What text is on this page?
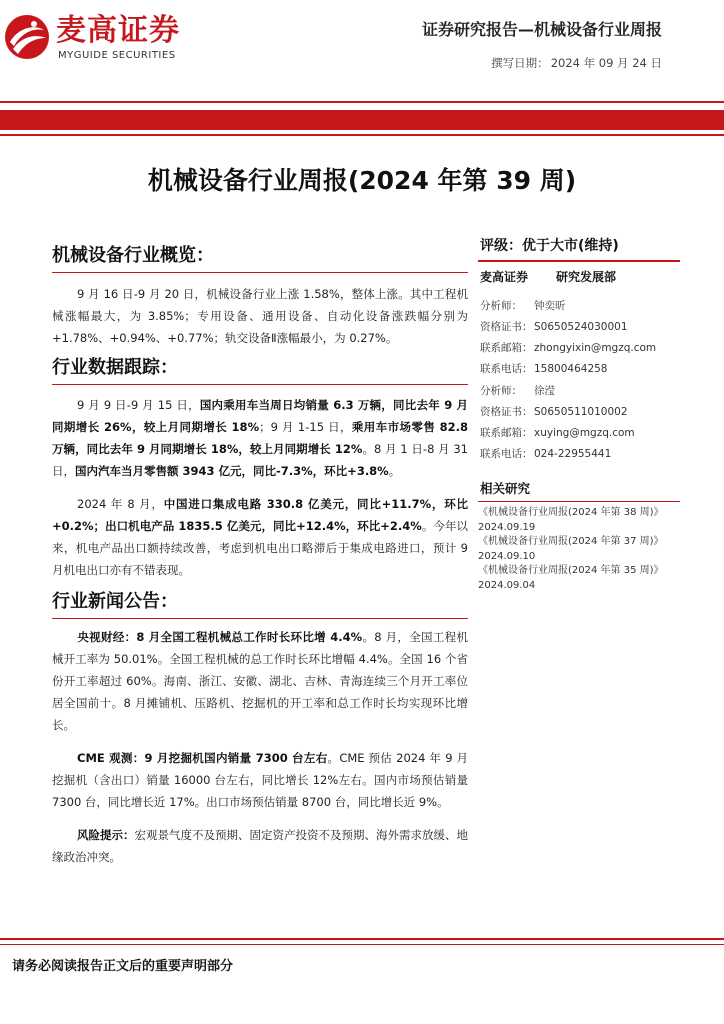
麦高证券
MYGUIDE SECURITIES
证券研究报告—机械设备行业周报
撰写日期： 2024 年 09 月 24 日
机械设备行业周报(2024 年第 39 周)
机械设备行业概览：
9 月 16 日-9 月 20 日，机械设备行业上涨 1.58%，整体上涨。其中工程机械涨幅最大，为 3.85%；专用设备、通用设备、自动化设备涨跌幅分别为+1.78%、+0.94%、+0.77%；轨交设备Ⅱ涨幅最小，为 0.27%。
行业数据跟踪：
9 月 9 日-9 月 15 日，国内乘用车当周日均销量 6.3 万辆，同比去年 9 月同期增长 26%，较上月同期增长 18%；9 月 1-15 日，乘用车市场零售 82.8 万辆，同比去年 9 月同期增长 18%，较上月同期增长 12%。8 月 1 日-8 月 31 日，国内汽车当月零售额 3943 亿元，同比-7.3%，环比+3.8%。
2024 年 8 月，中国进口集成电路 330.8 亿美元，同比+11.7%，环比+0.2%；出口机电产品 1835.5 亿美元，同比+12.4%，环比+2.4%。今年以来，机电产品出口额持续改善，考虑到机电出口略滞后于集成电路进口，预计 9 月机电出口亦有不错表现。
行业新闻公告：
央视财经：8 月全国工程机械总工作时长环比增 4.4%。8 月，全国工程机械开工率为 50.01%。全国工程机械的总工作时长环比增幅 4.4%。全国 16 个省份开工率超过 60%。海南、浙江、安徽、湖北、吉林、青海连续三个月开工率位居全国前十。8 月摊铺机、压路机、挖掘机的开工率和总工作时长均实现环比增长。
CME 观测：9 月挖掘机国内销量 7300 台左右。CME 预估 2024 年 9 月挖掘机（含出口）销量 16000 台左右，同比增长 12%左右。国内市场预估销量 7300 台，同比增长近 17%。出口市场预估销量 8700 台，同比增长近 9%。
风险提示：宏观景气度不及预期、固定资产投资不及预期、海外需求放缓、地缘政治冲突。
评级：优于大市(维持)
麦高证券 研究发展部
分析师： 钟奕昕
资格证书： S0650524030001
联系邮箱： zhongyixin@mgzq.com
联系电话： 15800464258
分析师： 徐滢
资格证书： S0650511010002
联系邮箱： xuying@mgzq.com
联系电话： 024-22955441
相关研究
《机械设备行业周报(2024 年第 38 周)》
2024.09.19
《机械设备行业周报(2024 年第 37 周)》
2024.09.10
《机械设备行业周报(2024 年第 35 周)》
2024.09.04
请务必阅读报告正文后的重要声明部分
